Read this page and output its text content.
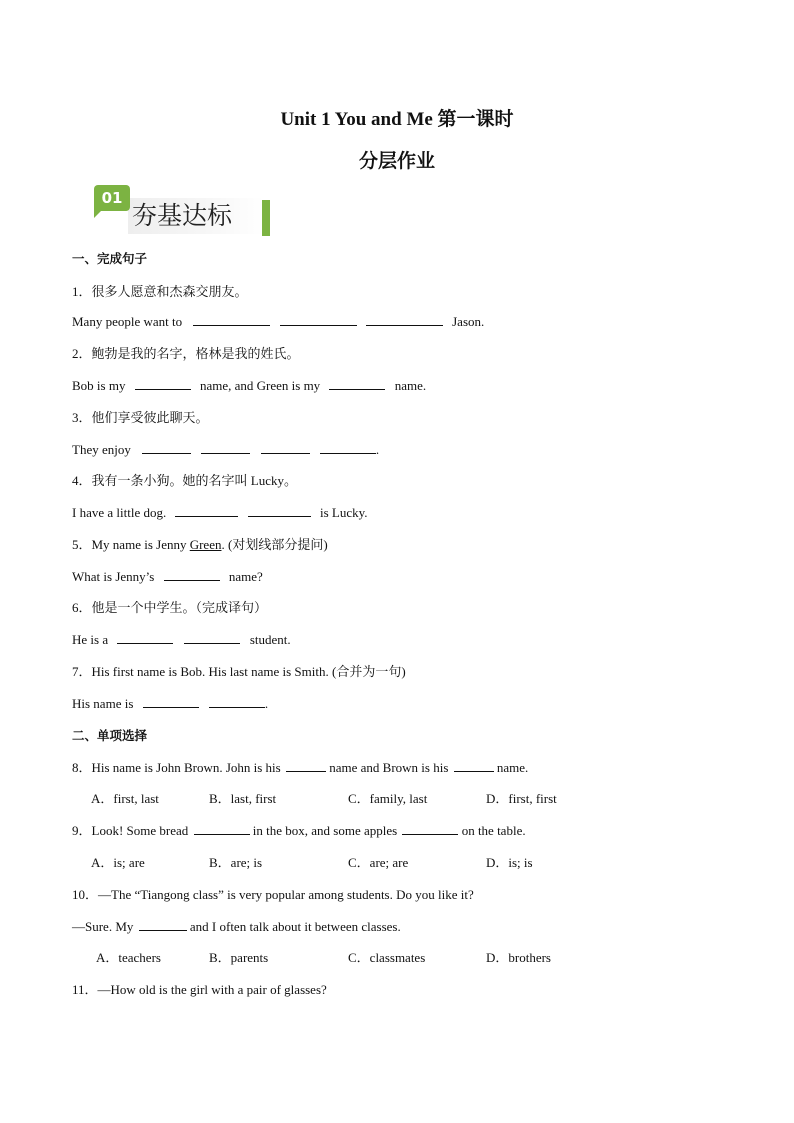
Unit 1 You and Me 第一课时
分层作业
01
夯基达标
一、完成句子
1．很多人愿意和杰森交朋友。
Many people want to	Jason.
2．鲍勃是我的名字，格林是我的姓氏。
Bob is my	name, and Green is my	name.
3．他们享受彼此聊天。
They enjoy	.
4．我有一条小狗。她的名字叫 Lucky。
I have a little dog.	is Lucky.
5．My name is Jenny Green. (对划线部分提问)
What is Jenny’s	name?
6．他是一个中学生。（完成译句）
He is a	student.
7．His first name is Bob. His last name is Smith. (合并为一句)
His name is	.
二、单项选择
8．His name is John Brown. John is his	name and Brown is his	name.
A．first, last	B．last, first	C．family, last	D．first, first
9．Look! Some bread	in the box, and some apples	on the table.
A．is; are	B．are; is	C．are; are	D．is; is
10．—The “Tiangong class” is very popular among students. Do you like it?
—Sure. My	and I often talk about it between classes.
A．teachers	B．parents	C．classmates	D．brothers
11．—How old is the girl with a pair of glasses?
